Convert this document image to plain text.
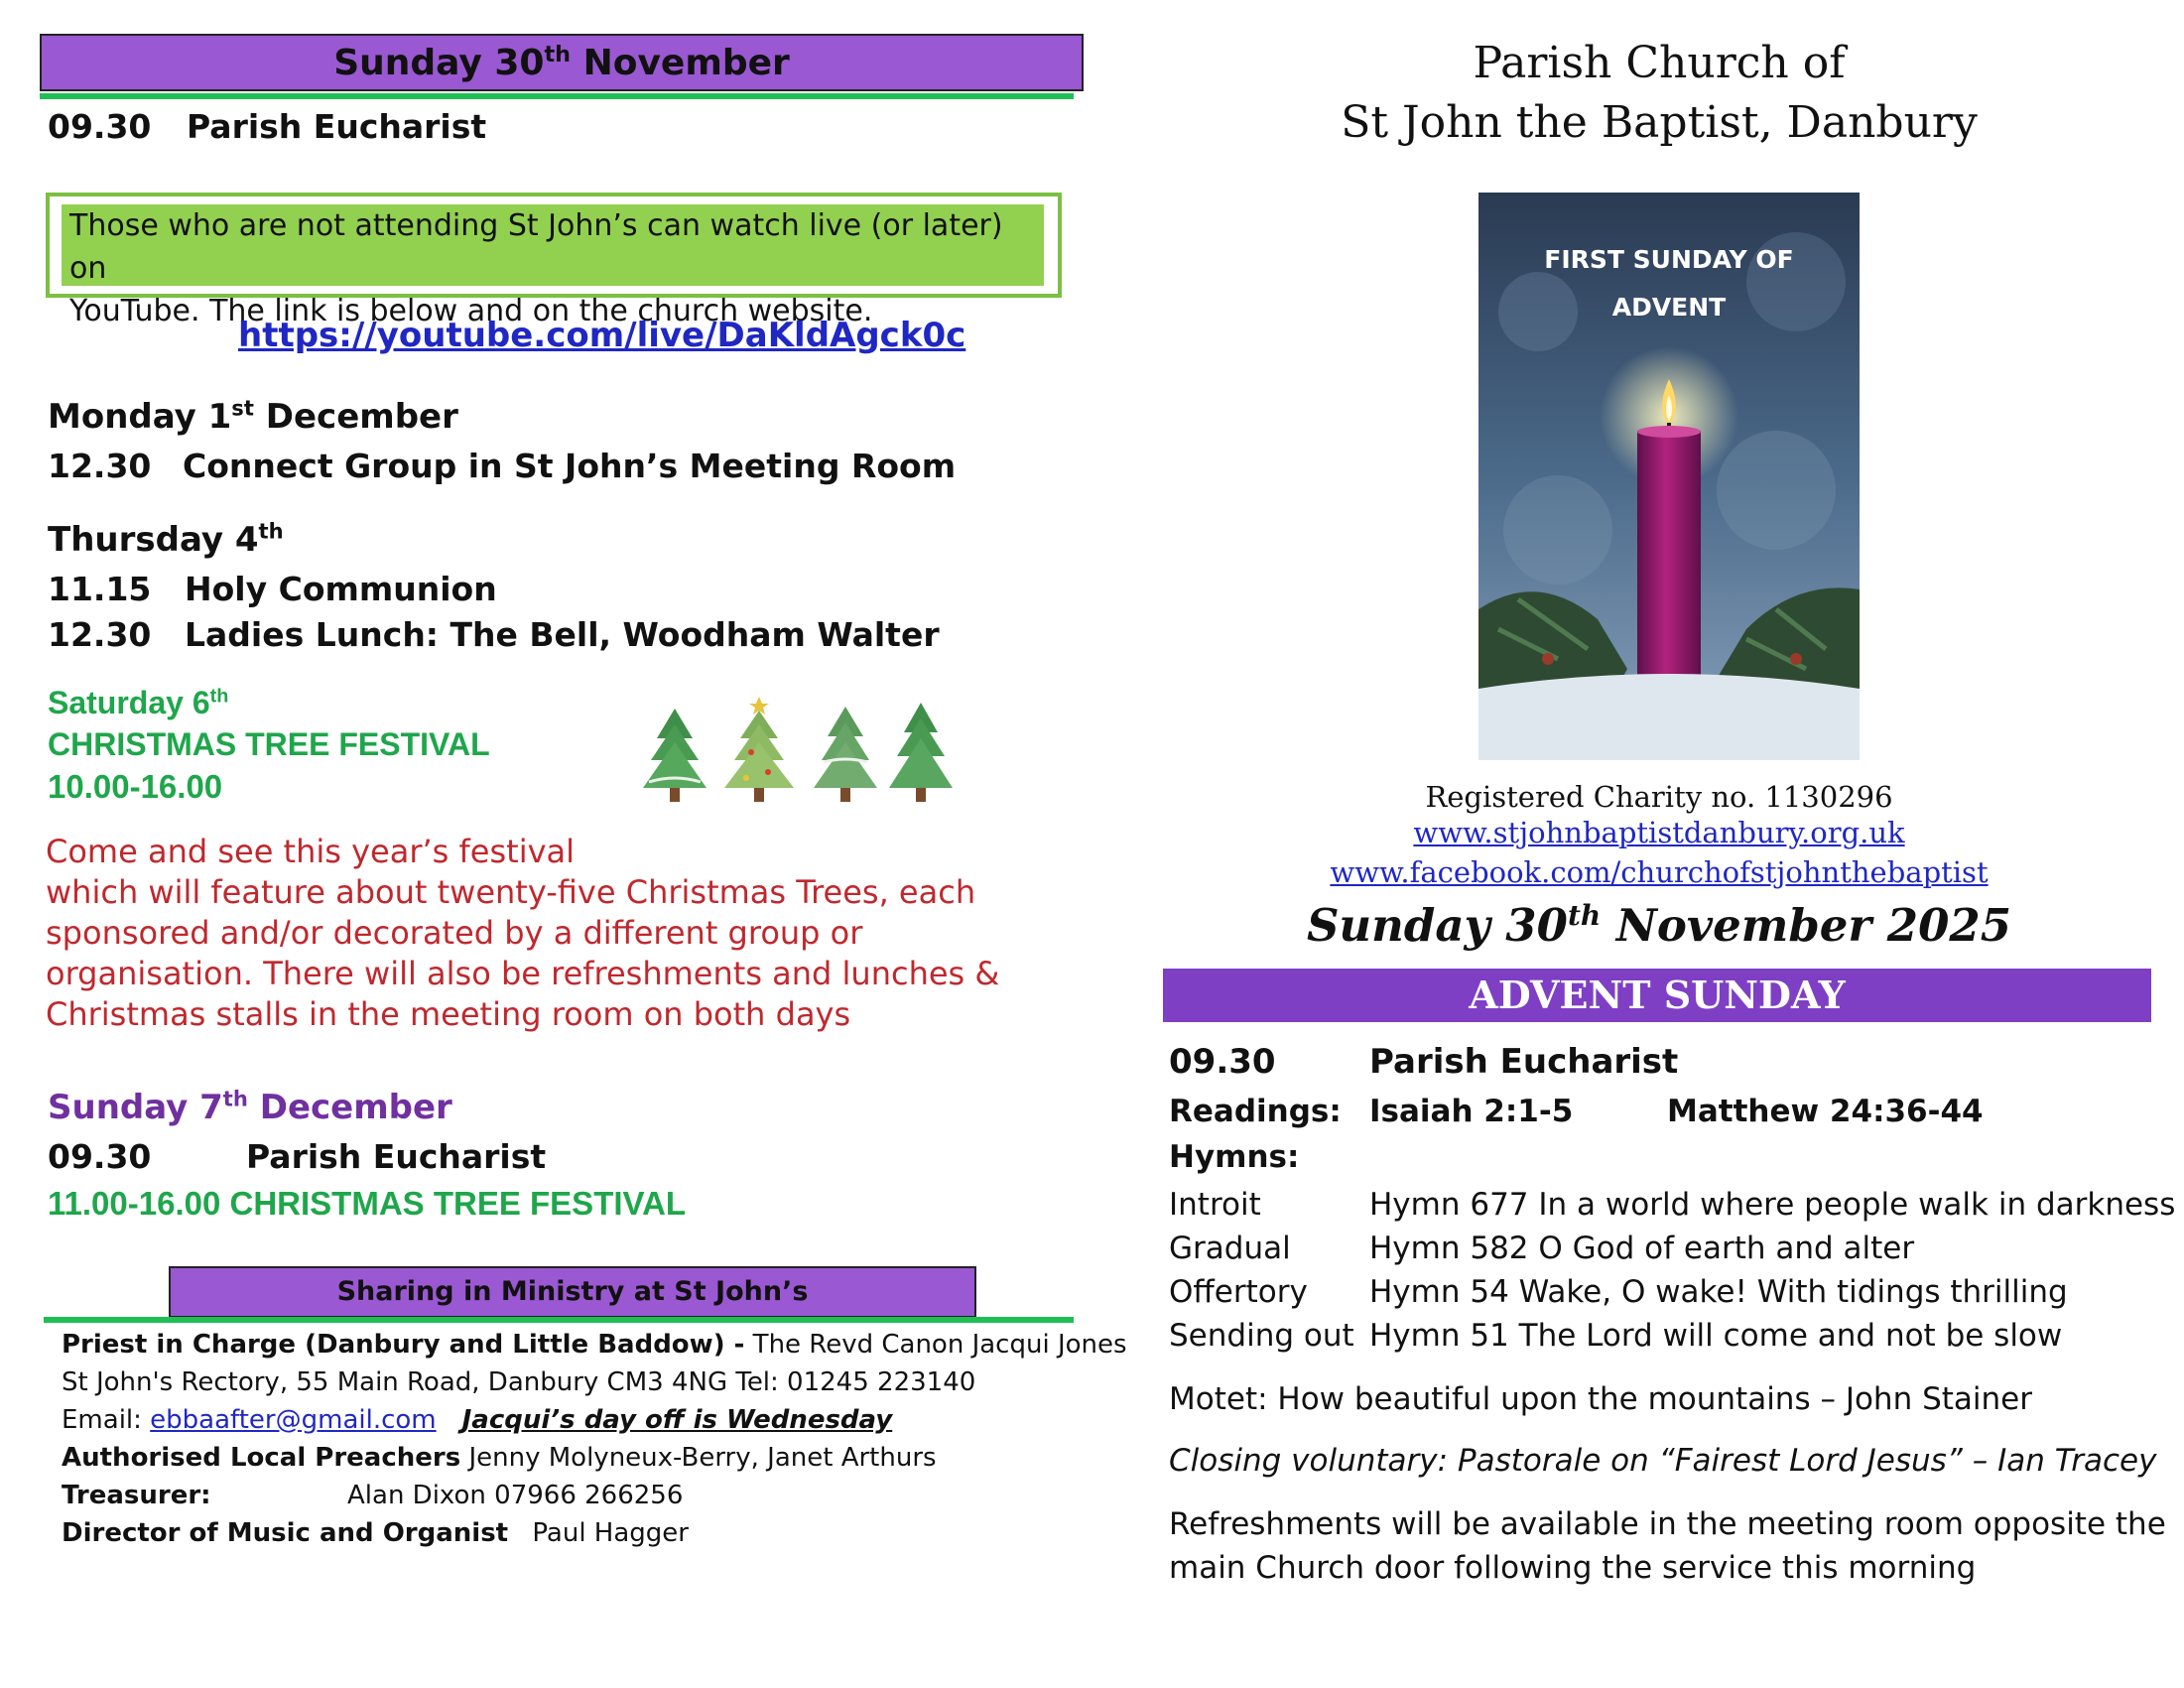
Sunday 30th November
09.30 Parish Eucharist
Those who are not attending St John’s can watch live (or later) on
YouTube. The link is below and on the church website.
https://youtube.com/live/DaKldAgck0c
Monday 1st December
12.30 Connect Group in St John’s Meeting Room
Thursday 4th
11.15 Holy Communion
12.30 Ladies Lunch: The Bell, Woodham Walter
Saturday 6th
CHRISTMAS TREE FESTIVAL
10.00-16.00
Come and see this year’s festival
which will feature about twenty-five Christmas Trees, each
sponsored and/or decorated by a different group or
organisation. There will also be refreshments and lunches &
Christmas stalls in the meeting room on both days
Sunday 7th December
09.30	Parish Eucharist
11.00-16.00 CHRISTMAS TREE FESTIVAL
Sharing in Ministry at St John’s
Priest in Charge (Danbury and Little Baddow) - The Revd Canon Jacqui Jones
St John's Rectory, 55 Main Road, Danbury CM3 4NG Tel: 01245 223140
Email: ebbaafter@gmail.com Jacqui’s day off is Wednesday
Authorised Local Preachers Jenny Molyneux-Berry, Janet Arthurs
Treasurer:	Alan Dixon 07966 266256
Director of Music and Organist Paul Hagger
Parish Church of
St John the Baptist, Danbury
FIRST SUNDAY OF
ADVENT
Registered Charity no. 1130296
www.stjohnbaptistdanbury.org.uk
www.facebook.com/churchofstjohnthebaptist
Sunday 30th November 2025
ADVENT SUNDAY
09.30	Parish Eucharist
Readings: Isaiah 2:1-5	Matthew 24:36-44
Hymns:
Introit	Hymn 677 In a world where people walk in darkness
Gradual	Hymn 582 O God of earth and alter
Offertory Hymn 54 Wake, O wake! With tidings thrilling
Sending out Hymn 51 The Lord will come and not be slow
Motet: How beautiful upon the mountains – John Stainer
Closing voluntary: Pastorale on “Fairest Lord Jesus” – Ian Tracey
Refreshments will be available in the meeting room opposite the
main Church door following the service this morning
